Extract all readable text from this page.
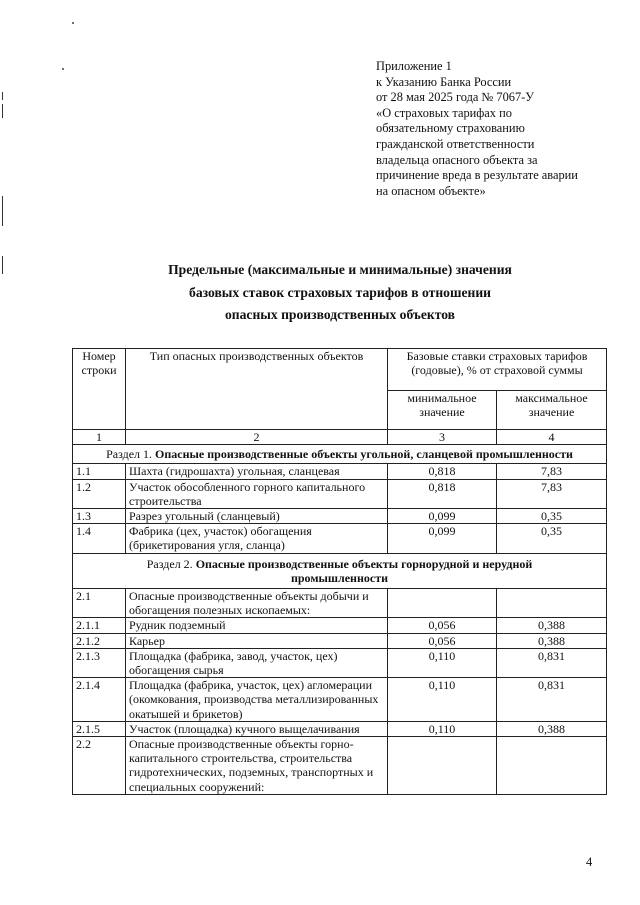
Приложение 1
к Указанию Банка России
от 28 мая 2025 года № 7067-У
«О страховых тарифах по
обязательному страхованию
гражданской ответственности
владельца опасного объекта за
причинение вреда в результате аварии
на опасном объекте»
Предельные (максимальные и минимальные) значения
базовых ставок страховых тарифов в отношении
опасных производственных объектов
Номер строки	Тип опасных производственных объектов	Базовые ставки страховых тарифов (годовые), % от страховой суммы	
		минимальное значение	максимальное значение
1	2	3	4
Раздел 1. Опасные производственные объекты угольной, сланцевой промышленности			
1.1	Шахта (гидрошахта) угольная, сланцевая	0,818	7,83
1.2	Участок обособленного горного капитального строительства	0,818	7,83
1.3	Разрез угольный (сланцевый)	0,099	0,35
1.4	Фабрика (цех, участок) обогащения (брикетирования угля, сланца)	0,099	0,35
Раздел 2. Опасные производственные объекты горнорудной и нерудной промышленности			
2.1	Опасные производственные объекты добычи и обогащения полезных ископаемых:		
2.1.1	Рудник подземный	0,056	0,388
2.1.2	Карьер	0,056	0,388
2.1.3	Площадка (фабрика, завод, участок, цех) обогащения сырья	0,110	0,831
2.1.4	Площадка (фабрика, участок, цех) агломерации (окомкования, производства металлизированных окатышей и брикетов)	0,110	0,831
2.1.5	Участок (площадка) кучного выщелачивания	0,110	0,388
2.2	Опасные производственные объекты горно-капитального строительства, строительства гидротехнических, подземных, транспортных и специальных сооружений:		
4
